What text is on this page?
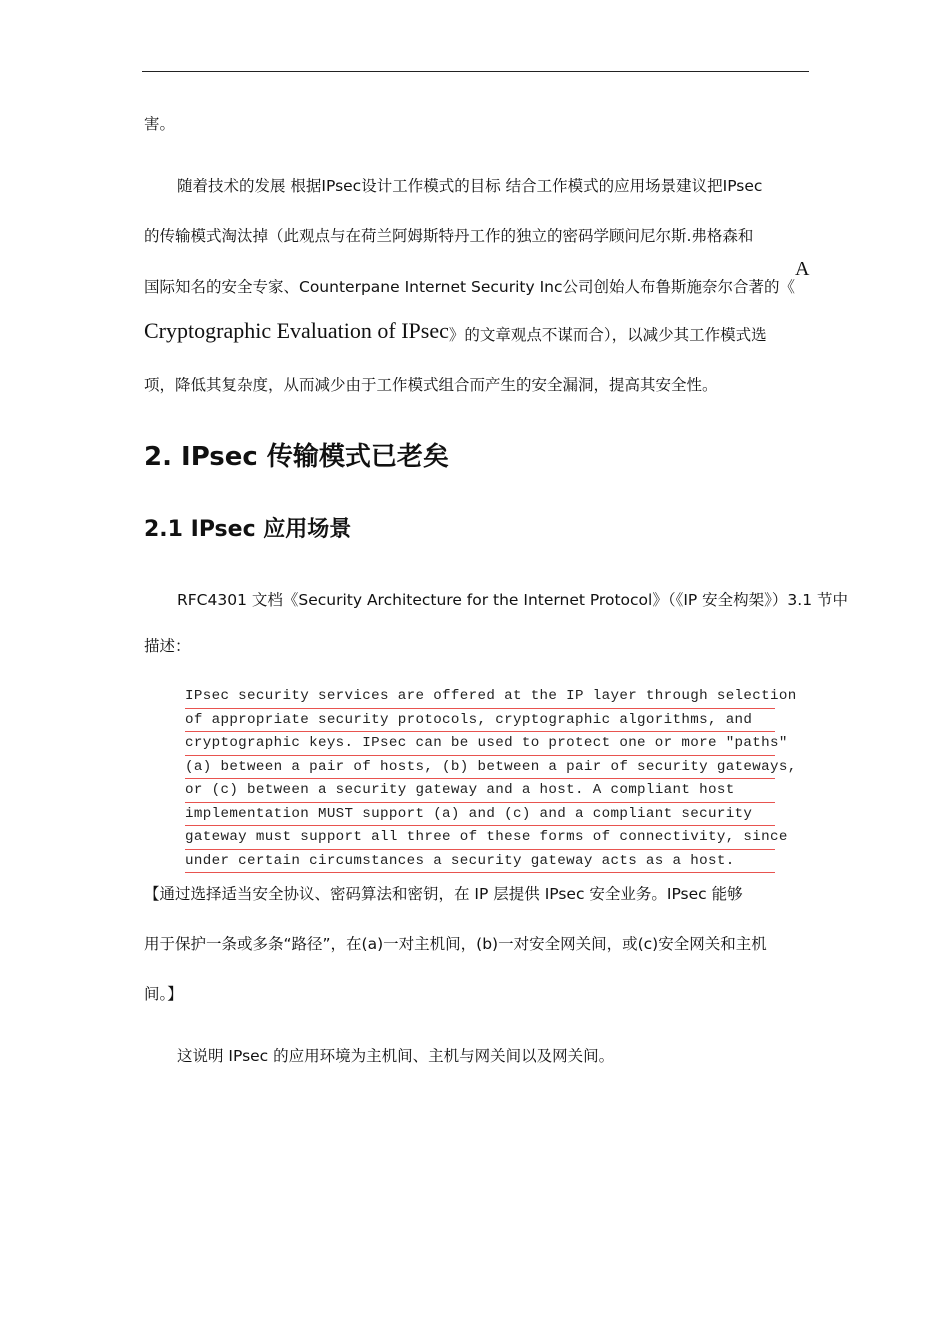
害。
随着技术的发展 根据IPsec设计工作模式的目标 结合工作模式的应用场景建议把IPsec
的传输模式淘汰掉（此观点与在荷兰阿姆斯特丹工作的独立的密码学顾问尼尔斯.弗格森和
国际知名的安全专家、Counterpane Internet Security Inc公司创始人布鲁斯施奈尔合著的《A
Cryptographic Evaluation of IPsec》的文章观点不谋而合），以减少其工作模式选
项，降低其复杂度，从而减少由于工作模式组合而产生的安全漏洞，提高其安全性。
2. IPsec 传输模式已老矣
2.1 IPsec 应用场景
RFC4301 文档《Security Architecture for the Internet Protocol》（《IP 安全构架》）3.1 节中
描述：
IPsec security services are offered at the IP layer through selection
of appropriate security protocols, cryptographic algorithms, and
cryptographic keys. IPsec can be used to protect one or more "paths"
(a) between a pair of hosts, (b) between a pair of security gateways,
or (c) between a security gateway and a host. A compliant host
implementation MUST support (a) and (c) and a compliant security
gateway must support all three of these forms of connectivity, since
under certain circumstances a security gateway acts as a host.
【通过选择适当安全协议、密码算法和密钥，在 IP 层提供 IPsec 安全业务。IPsec 能够
用于保护一条或多条“路径”，在(a)一对主机间，(b)一对安全网关间，或(c)安全网关和主机
间。】
这说明 IPsec 的应用环境为主机间、主机与网关间以及网关间。
